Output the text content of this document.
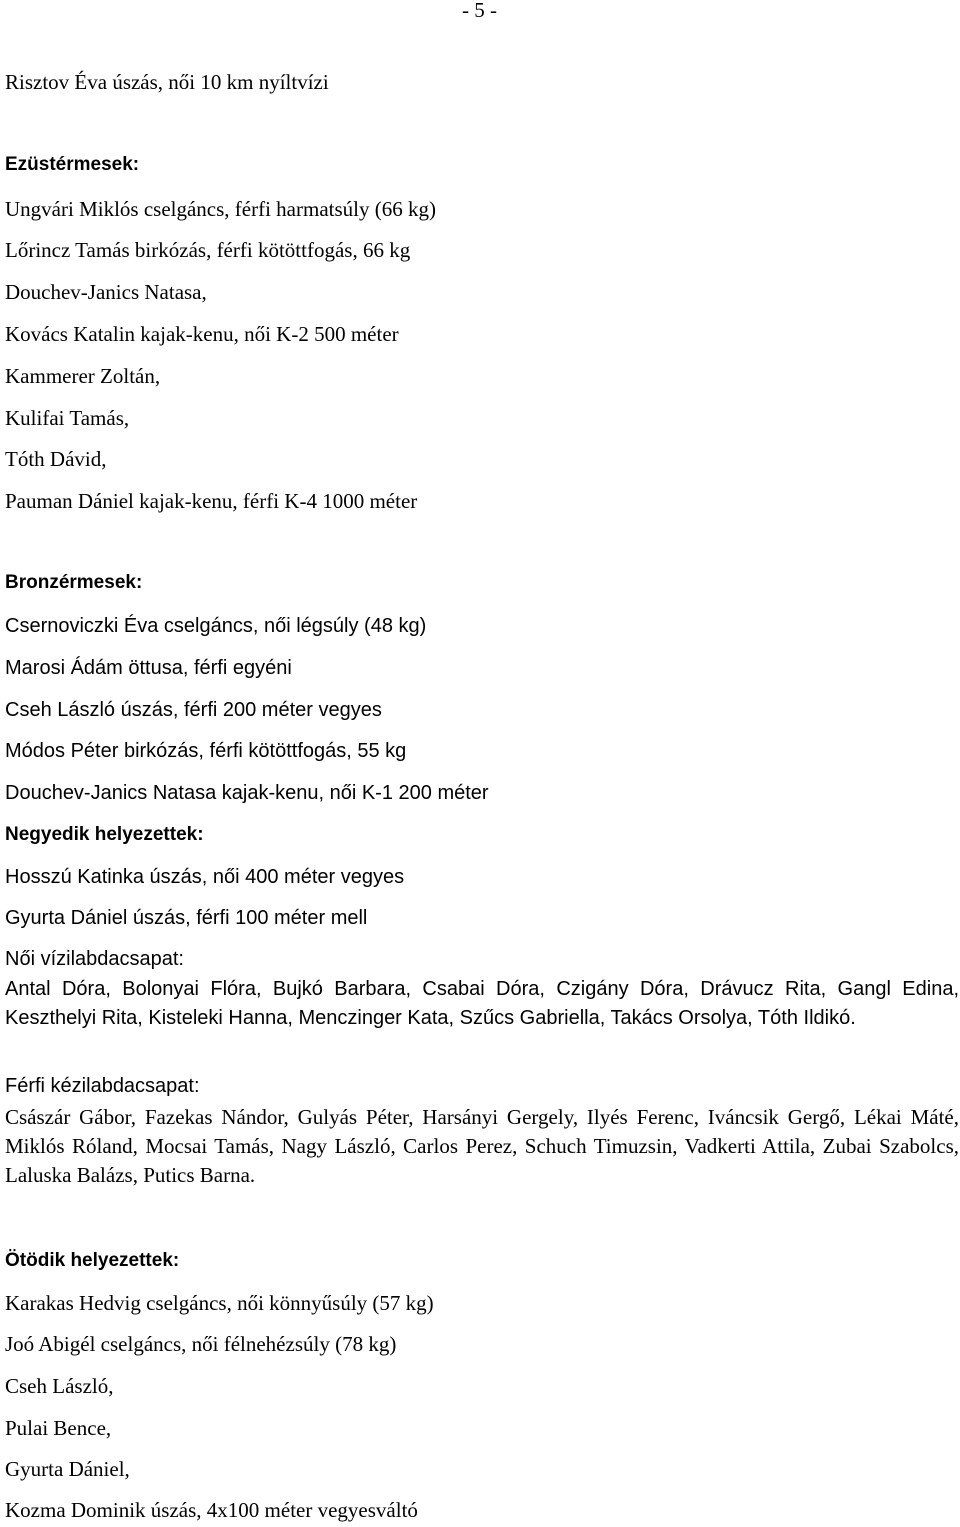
- 5 -
Risztov Éva úszás, női 10 km nyíltvízi
Ezüstérmesek:
Ungvári Miklós cselgáncs, férfi harmatsúly (66 kg)
Lőrincz Tamás birkózás, férfi kötöttfogás, 66 kg
Douchev-Janics Natasa,
Kovács Katalin kajak-kenu, női K-2 500 méter
Kammerer Zoltán,
Kulifai Tamás,
Tóth Dávid,
Pauman Dániel kajak-kenu, férfi K-4 1000 méter
Bronzérmesek:
Csernoviczki Éva cselgáncs, női légsúly (48 kg)
Marosi Ádám öttusa, férfi egyéni
Cseh László úszás, férfi 200 méter vegyes
Módos Péter birkózás, férfi kötöttfogás, 55 kg
Douchev-Janics Natasa kajak-kenu, női K-1 200 méter
Negyedik helyezettek:
Hosszú Katinka úszás, női 400 méter vegyes
Gyurta Dániel úszás, férfi 100 méter mell
Női vízilabdacsapat:
Antal Dóra, Bolonyai Flóra, Bujkó Barbara, Csabai Dóra, Czigány Dóra, Drávucz Rita, Gangl Edina, Keszthelyi Rita, Kisteleki Hanna, Menczinger Kata, Szűcs Gabriella, Takács Orsolya, Tóth Ildikó.
Férfi kézilabdacsapat:
Császár Gábor, Fazekas Nándor, Gulyás Péter, Harsányi Gergely, Ilyés Ferenc, Iváncsik Gergő, Lékai Máté, Miklós Róland, Mocsai Tamás, Nagy László, Carlos Perez, Schuch Timuzsin, Vadkerti Attila, Zubai Szabolcs, Laluska Balázs, Putics Barna.
Ötödik helyezettek:
Karakas Hedvig cselgáncs, női könnyűsúly (57 kg)
Joó Abigél cselgáncs, női félnehézsúly (78 kg)
Cseh László,
Pulai Bence,
Gyurta Dániel,
Kozma Dominik úszás, 4x100 méter vegyesváltó
